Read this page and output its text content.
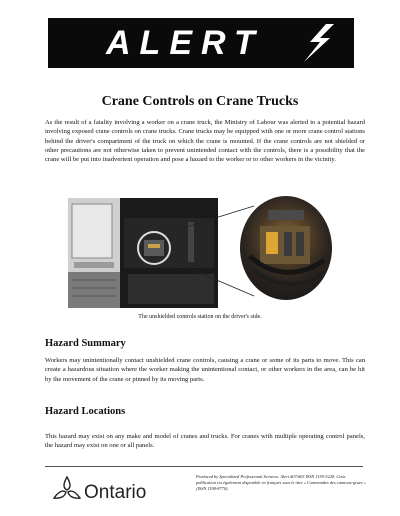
ALERT
Crane Controls on Crane Trucks
As the result of a fatality involving a worker on a crane truck, the Ministry of Labour was alerted to a potential hazard involving exposed crane controls on crane trucks. Crane trucks may be equipped with one or more crane control stations behind the driver's compartment of the truck on which the crane is mounted. If the crane controls are not shielded or other precautions are not otherwise taken to prevent unintended contact with the controls, there is a possibility that the crane will be put into inadvertent operation and pose a hazard to the worker or to other workers in the vicinity.
The unshielded controls station on the driver's side.
Hazard Summary
Workers may unintentionally contact unshielded crane controls, causing a crane or some of its parts to move. This can create a hazardous situation where the worker making the unintentional contact, or other workers in the area, can be hit by the movement of the crane or pinned by its moving parts.
Hazard Locations
This hazard may exist on any make and model of cranes and trucks. For cranes with multiple operating control panels, the hazard may exist on one or all panels.
Ontario
Produced by Specialized Professional Services. Alert #07/#03 ISSN 1195-5228. Cette publication est également disponible en français sous le titre « Commandes des camions-grues » (ISSN 1198-8770).
